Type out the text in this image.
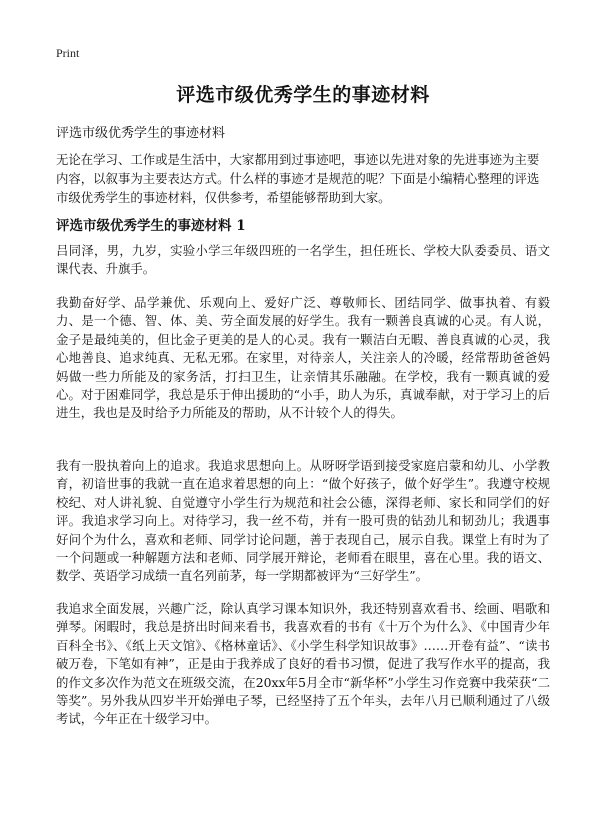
Print
评选市级优秀学生的事迹材料

评选市级优秀学生的事迹材料

无论在学习、工作或是生活中，大家都用到过事迹吧，事迹以先进对象的先进事迹为主要内容，以叙事为主要表达方式。什么样的事迹才是规范的呢？下面是小编精心整理的评选市级优秀学生的事迹材料，仅供参考，希望能够帮助到大家。

评选市级优秀学生的事迹材料 1

吕同泽，男，九岁，实验小学三年级四班的一名学生，担任班长、学校大队委委员、语文课代表、升旗手。

我勤奋好学、品学兼优、乐观向上、爱好广泛、尊敬师长、团结同学、做事执着、有毅力、是一个德、智、体、美、劳全面发展的好学生。我有一颗善良真诚的心灵。有人说，金子是最纯美的，但比金子更美的是人的心灵。我有一颗洁白无暇、善良真诚的心灵，我心地善良、追求纯真、无私无邪。在家里，对待亲人，关注亲人的冷暖，经常帮助爸爸妈妈做一些力所能及的家务活，打扫卫生，让亲情其乐融融。在学校，我有一颗真诚的爱心。对于困难同学，我总是乐于伸出援助的“小手，助人为乐，真诚奉献，对于学习上的后进生，我也是及时给予力所能及的帮助，从不计较个人的得失。

我有一股执着向上的追求。我追求思想向上。从呀呀学语到接受家庭启蒙和幼儿、小学教育，初谙世事的我就一直在追求着思想的向上：“做个好孩子，做个好学生”。我遵守校规校纪、对人讲礼貌、自觉遵守小学生行为规范和社会公德，深得老师、家长和同学们的好评。我追求学习向上。对待学习，我一丝不苟，并有一股可贵的钻劲儿和韧劲儿；我遇事好问个为什么，喜欢和老师、同学讨论问题，善于表现自己，展示自我。课堂上有时为了一个问题或一种解题方法和老师、同学展开辩论，老师看在眼里，喜在心里。我的语文、数学、英语学习成绩一直名列前茅，每一学期都被评为“三好学生”。

我追求全面发展，兴趣广泛，除认真学习课本知识外，我还特别喜欢看书、绘画、唱歌和弹琴。闲暇时，我总是挤出时间来看书，我喜欢看的书有《十万个为什么》、《中国青少年百科全书》、《纸上天文馆》、《格林童话》、《小学生科学知识故事》……开卷有益”、“读书破万卷，下笔如有神”，正是由于我养成了良好的看书习惯，促进了我写作水平的提高，我的作文多次作为范文在班级交流，在20xx年5月全市“新华杯”小学生习作竞赛中我荣获“二等奖”。另外我从四岁半开始弹电子琴，已经坚持了五个年头，去年八月已顺利通过了八级考试，今年正在十级学习中。
